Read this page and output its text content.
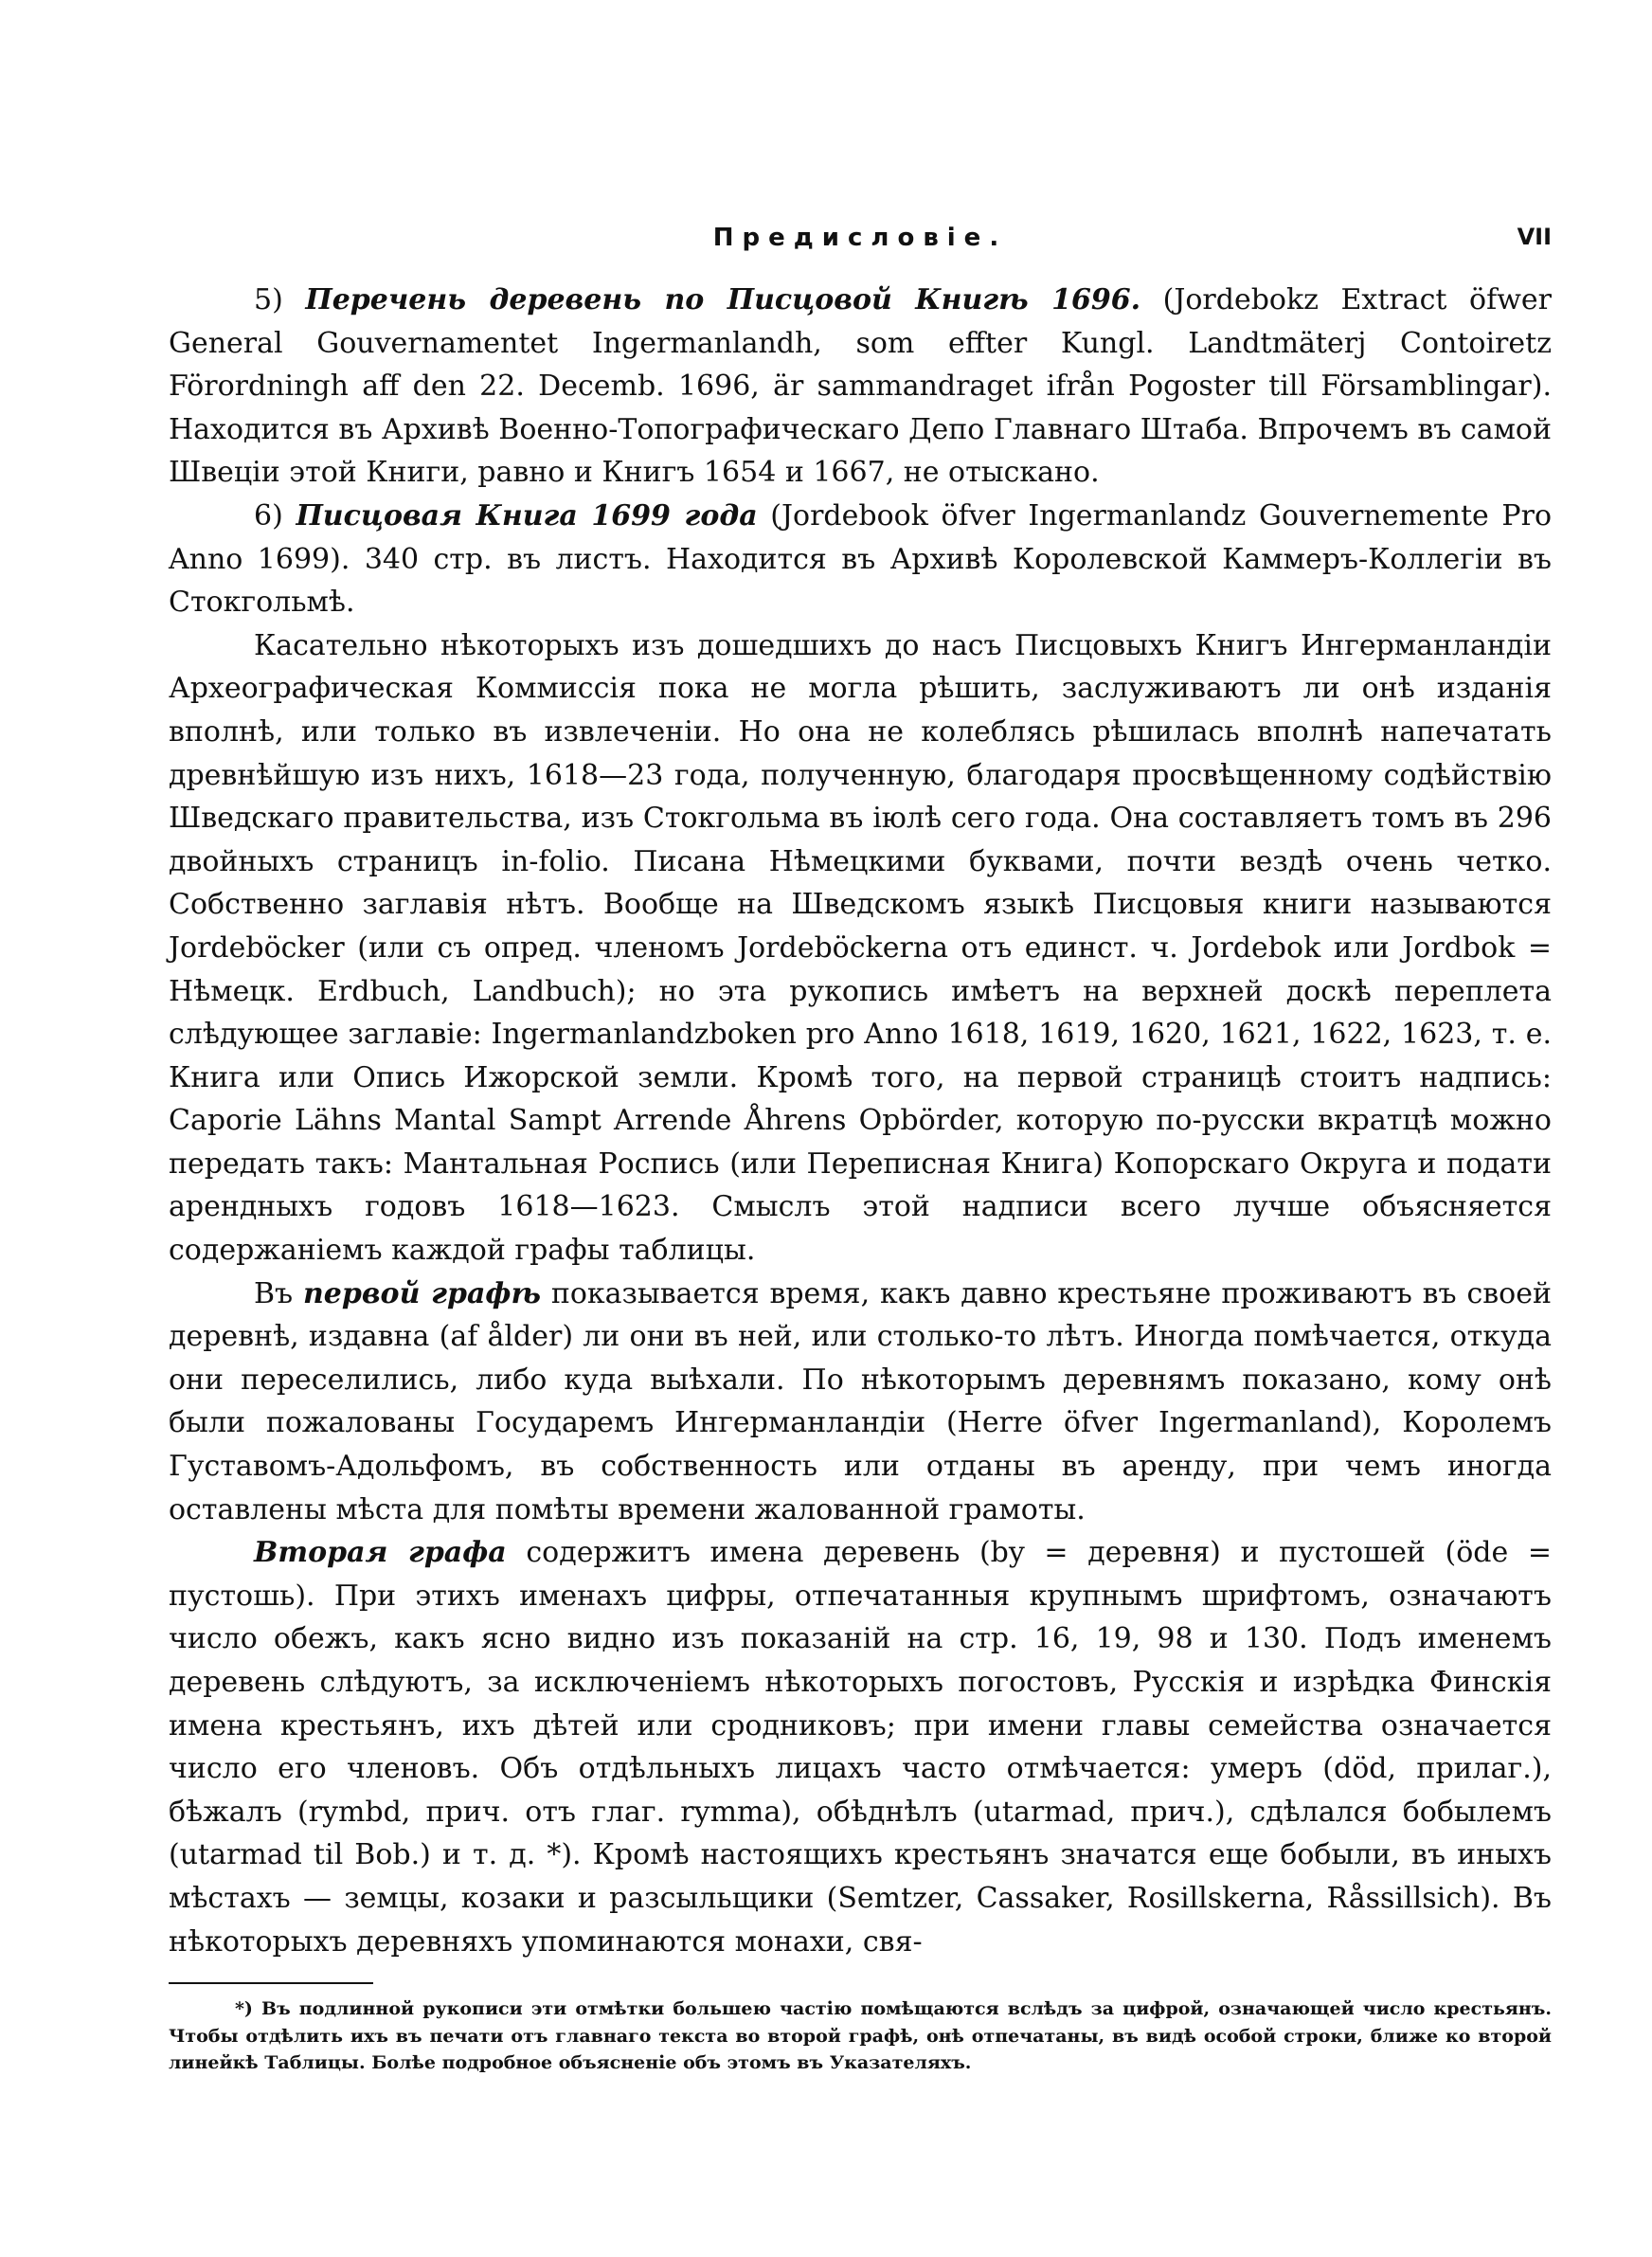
Предисловіе.	VII

5) Перечень деревень по Писцовой Книгѣ 1696. (Jordebokz Extract öfwer General Gouvernamentet Ingermanlandh, som effter Kungl. Landtmäterj Contoiretz Förordningh aff den 22. Decemb. 1696, är sammandraget ifrån Pogoster till Församblingar). Находится въ Архивѣ Военно-Топографическаго Депо Главнаго Штаба. Впрочемъ въ самой Швеціи этой Книги, равно и Книгъ 1654 и 1667, не отыскано.

6) Писцовая Книга 1699 года (Jordebook öfver Ingermanlandz Gouvernemente Pro Anno 1699). 340 стр. въ листъ. Находится въ Архивѣ Королевской Каммеръ-Коллегіи въ Стокгольмѣ.

Касательно нѣкоторыхъ изъ дошедшихъ до насъ Писцовыхъ Книгъ Ингерманландіи Археографическая Коммиссія пока не могла рѣшить, заслуживаютъ ли онѣ изданія вполнѣ, или только въ извлеченіи. Но она не колеблясь рѣшилась вполнѣ напечатать древнѣйшую изъ нихъ, 1618—23 года, полученную, благодаря просвѣщенному содѣйствію Шведскаго правительства, изъ Стокгольма въ іюлѣ сего года. Она составляетъ томъ въ 296 двойныхъ страницъ in-folio. Писана Нѣмецкими буквами, почти вездѣ очень четко. Собственно заглавія нѣтъ. Вообще на Шведскомъ языкѣ Писцовыя книги называются Jordeböcker (или съ опред. членомъ Jordeböckerna отъ единст. ч. Jordebok или Jordbok = Нѣмецк. Erdbuch, Landbuch); но эта рукопись имѣетъ на верхней доскѣ переплета слѣдующее заглавіе: Ingermanlandzboken pro Anno 1618, 1619, 1620, 1621, 1622, 1623, т. е. Книга или Опись Ижорской земли. Кромѣ того, на первой страницѣ стоитъ надпись: Caporie Lähns Mantal Sampt Arrende Åhrens Opbörder, которую по-русски вкратцѣ можно передать такъ: Мантальная Роспись (или Переписная Книга) Копорскаго Округа и подати арендныхъ годовъ 1618—1623. Смыслъ этой надписи всего лучше объясняется содержаніемъ каждой графы таблицы.

Въ первой графѣ показывается время, какъ давно крестьяне проживаютъ въ своей деревнѣ, издавна (af ålder) ли они въ ней, или столько-то лѣтъ. Иногда помѣчается, откуда они переселились, либо куда выѣхали. По нѣкоторымъ деревнямъ показано, кому онѣ были пожалованы Государемъ Ингерманландіи (Herre öfver Ingermanland), Королемъ Густавомъ-Адольфомъ, въ собственность или отданы въ аренду, при чемъ иногда оставлены мѣста для помѣты времени жалованной грамоты.

Вторая графа содержитъ имена деревень (by = деревня) и пустошей (öde = пустошь). При этихъ именахъ цифры, отпечатанныя крупнымъ шрифтомъ, означаютъ число обежъ, какъ ясно видно изъ показаній на стр. 16, 19, 98 и 130. Подъ именемъ деревень слѣдуютъ, за исключеніемъ нѣкоторыхъ погостовъ, Русскія и изрѣдка Финскія имена крестьянъ, ихъ дѣтей или сродниковъ; при имени главы семейства означается число его членовъ. Объ отдѣльныхъ лицахъ часто отмѣчается: умеръ (död, прилаг.), бѣжалъ (rymbd, прич. отъ глаг. rymma), обѣднѣлъ (utarmad, прич.), сдѣлался бобылемъ (utarmad til Bob.) и т. д. *). Кромѣ настоящихъ крестьянъ значатся еще бобыли, въ иныхъ мѣстахъ — земцы, козаки и разсыльщики (Semtzer, Cassaker, Rosillskerna, Råssillsich). Въ нѣкоторыхъ деревняхъ упоминаются монахи, свя-

*) Въ подлинной рукописи эти отмѣтки большею частію помѣщаются вслѣдъ за цифрой, означающей число крестьянъ. Чтобы отдѣлить ихъ въ печати отъ главнаго текста во второй графѣ, онѣ отпечатаны, въ видѣ особой строки, ближе ко второй линейкѣ Таблицы. Болѣе подробное объясненіе объ этомъ въ Указателяхъ.
